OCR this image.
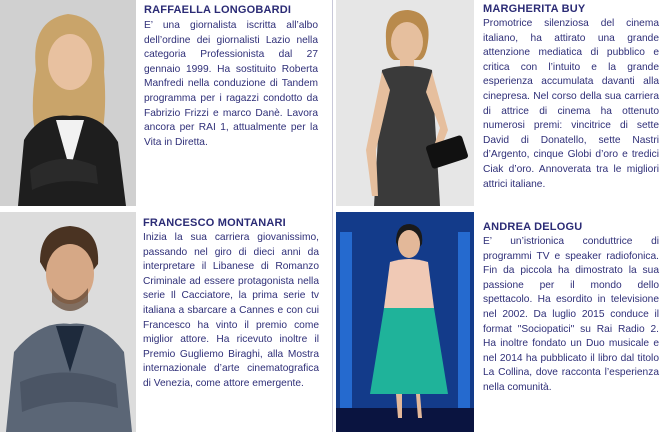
RAFFAELLA LONGOBARDI
E’ una giornalista iscritta all’albo dell’ordine dei giornalisti Lazio nella categoria Professionista dal 27 gennaio 1999. Ha sostituito Roberta Manfredi nella conduzione di Tandem programma per i ragazzi condotto da Fabrizio Frizzi e marco Danè. Lavora ancora per RAI 1, attualmente per la Vita in Diretta.
MARGHERITA BUY
Promotrice silenziosa del cinema italiano, ha attirato una grande attenzione mediatica di pubblico e critica con l’intuito e la grande esperienza accumulata davanti alla cinepresa. Nel corso della sua carriera di attrice di cinema ha ottenuto numerosi premi: vincitrice di sette David di Donatello, sette Nastri d’Argento, cinque Globi d’oro e tredici Ciak d’oro. Annoverata tra le migliori attrici italiane.
FRANCESCO MONTANARI
Inizia la sua carriera giovanissimo, passando nel giro di dieci anni da interpretare il Libanese di Romanzo Criminale ad essere protagonista nella serie Il Cacciatore, la prima serie tv italiana a sbarcare a Cannes e con cui Francesco ha vinto il premio come miglior attore. Ha ricevuto inoltre il Premio Gugliemo Biraghi, alla Mostra internazionale d’arte cinematografica di Venezia, come attore emergente.
ANDREA DELOGU
E’ un’istrionica conduttrice di programmi TV e speaker radiofonica. Fin da piccola ha dimostrato la sua passione per il mondo dello spettacolo. Ha esordito in televisione nel 2002. Da luglio 2015 conduce il format "Sociopatici" su Rai Radio 2. Ha inoltre fondato un Duo musicale e nel 2014 ha pubblicato il libro dal titolo La Collina, dove racconta l’esperienza nella comunità.
